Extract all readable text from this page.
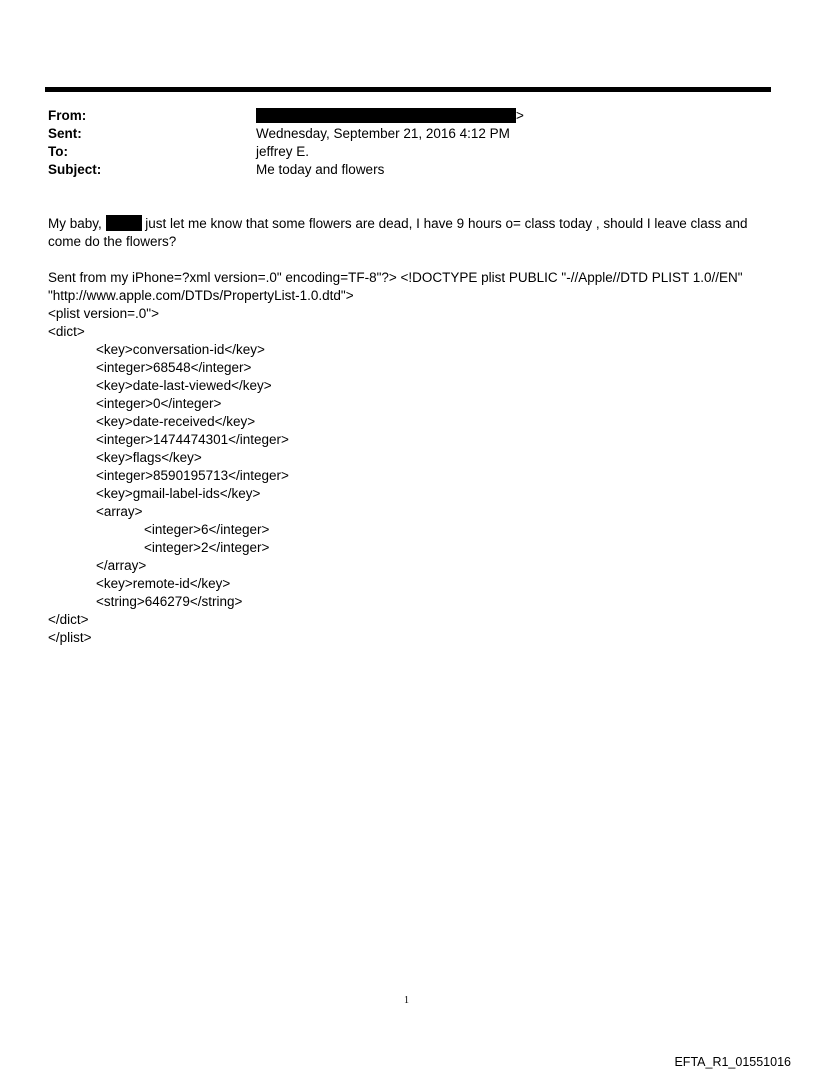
From:	>
Sent:	Wednesday, September 21, 2016 4:12 PM
To:	jeffrey E.
Subject:	Me today and flowers
My baby,	just let me know that some flowers are dead, I have 9 hours o= class today , should I leave class and
come do the flowers?
Sent from my iPhone=?xml version=.0" encoding=TF-8"?> <!DOCTYPE plist PUBLIC "-//Apple//DTD PLIST 1.0//EN"
"http://www.apple.com/DTDs/PropertyList-1.0.dtd">
<plist version=.0">
<dict>
<key>conversation-id</key>
<integer>68548</integer>
<key>date-last-viewed</key>
<integer>0</integer>
<key>date-received</key>
<integer>1474474301</integer>
<key>flags</key>
<integer>8590195713</integer>
<key>gmail-label-ids</key>
<array>
<integer>6</integer>
<integer>2</integer>
</array>
<key>remote-id</key>
<string>646279</string>
</dict>
</plist>
1
EFTA_R1_01551016
